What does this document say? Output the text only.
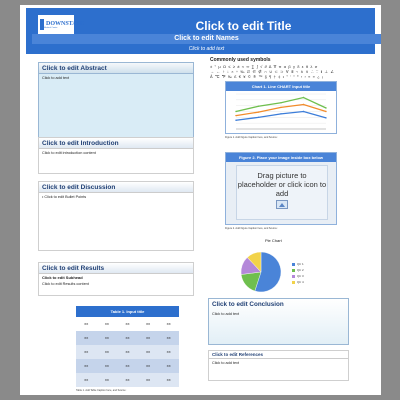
DOWNSTATE
Medical Center	Click to edit Title
Click to edit Names
Click to add text
Click to edit Abstract
Click to add text
Click to edit Introduction
Click to edit introduction content
Click to edit Discussion
• Click to edit Bullet Points
Click to edit Results
Click to edit Subhead
Click to edit Results content
Table 1. Input title
xx	xx	xx	xx	xx
xx	xx	xx	xx	xx
xx	xx	xx	xx	xx
xx	xx	xx	xx	xx
xx	xx	xx	xx	xx
Table 1. Add Table Caption here, and Source:
Commonly used symbols
± ° µ Ω ≤ ≥ ≠ ≈ ∞ ∑ ∫ √ ∂ ∆ ∇ π α β γ δ ε θ λ σ
→ ← ↑ ↓ × ÷ ‰ ∅ ∈ ∉ ∩ ∪ ⊂ ⊃ ∀ ∃ ¬ ∧ ∨ ∴ ∵ ‖ ⊥ ∠
Å ℃ ℉ ‰ £ € ¥ © ® ™ § ¶ † ‡ • ° ′ ″ ‴ ‹ › « » ¿ ¡
Chart 1. Line CHART Input title
Figure 1. Add Figure Caption here, and Source:
Figure 2. Place your image inside box below
Drag picture to placeholder or click icon to add
Figure 2. Add Figure Caption here, and Source:
Pie Chart
Qtr 1
Qtr 2
Qtr 3
Qtr 4
Click to edit Conclusion
Click to add text
Click to edit References
Click to add text
